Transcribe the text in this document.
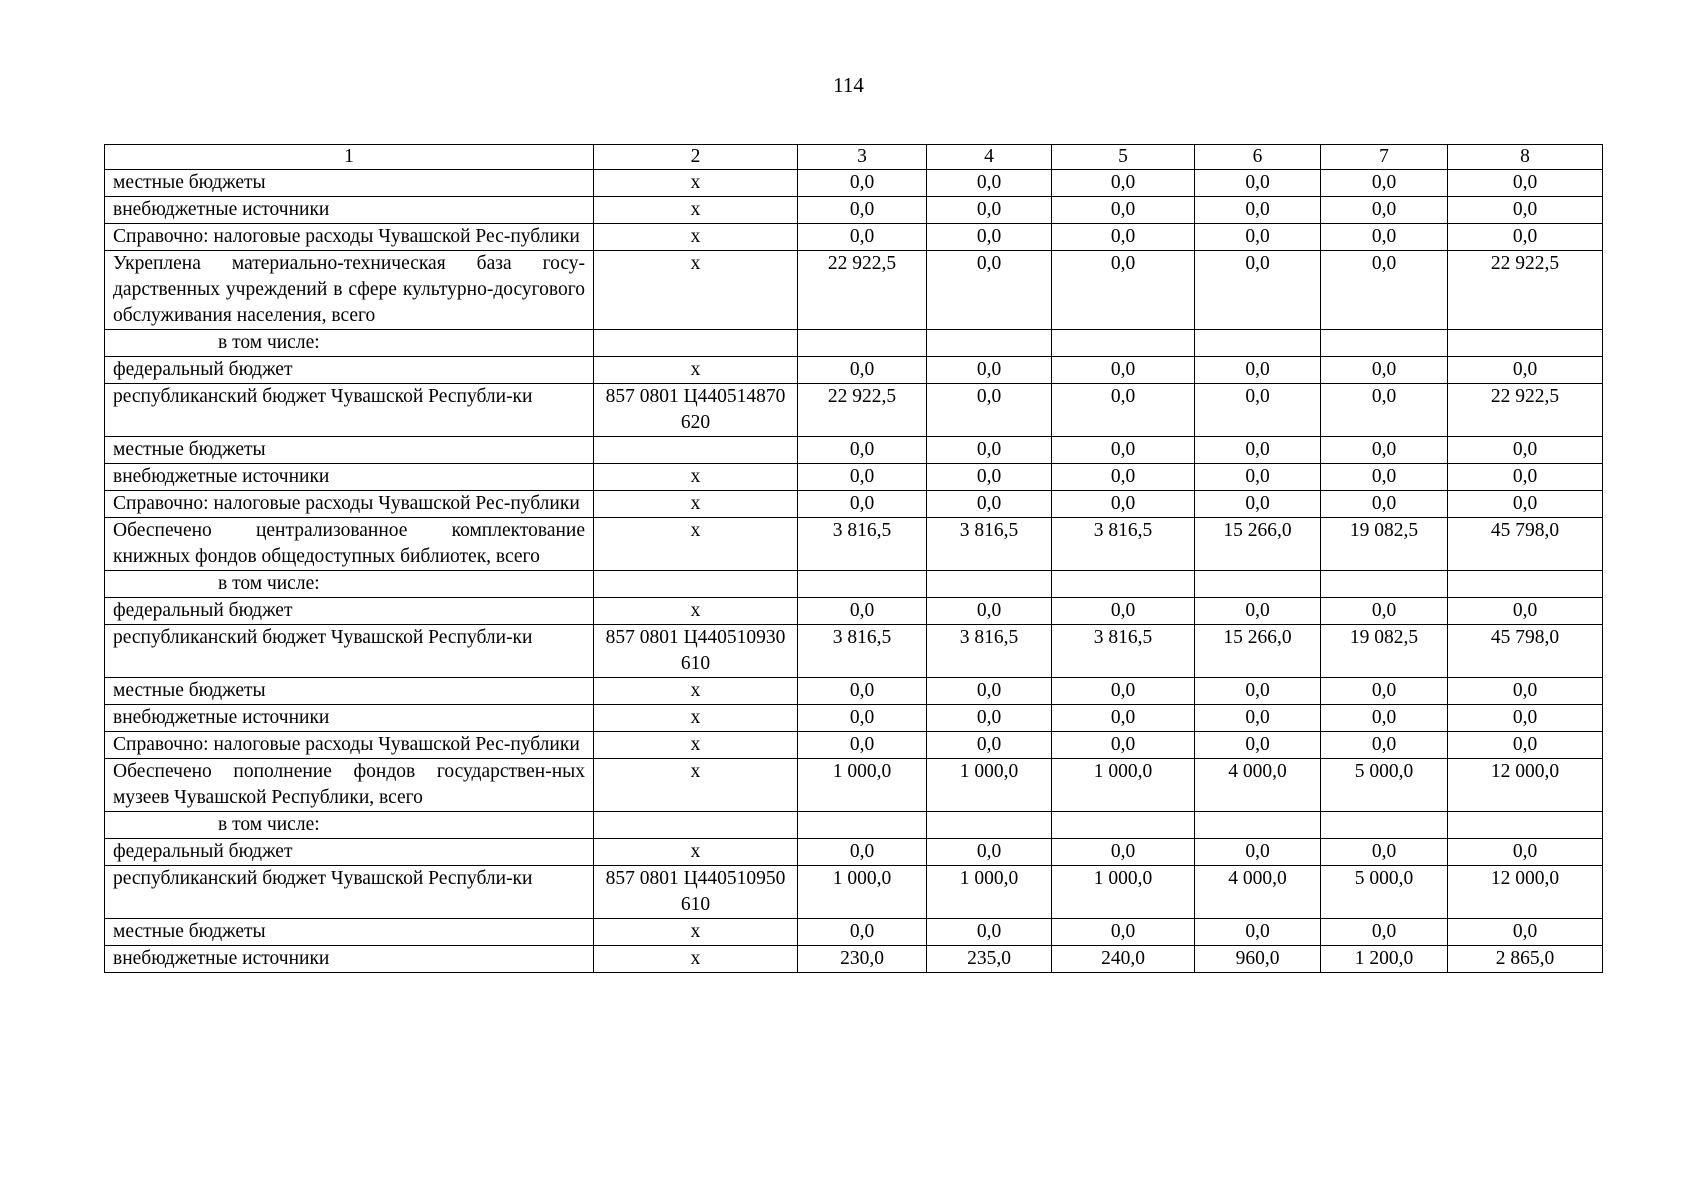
114
1	2	3	4	5	6	7	8
местные бюджеты	х	0,0	0,0	0,0	0,0	0,0	0,0
внебюджетные источники	х	0,0	0,0	0,0	0,0	0,0	0,0
Справочно: налоговые расходы Чувашской Рес-публики	х	0,0	0,0	0,0	0,0	0,0	0,0
Укреплена материально-техническая база госу-дарственных учреждений в сфере культурно-досугового обслуживания населения, всего	х	22 922,5	0,0	0,0	0,0	0,0	22 922,5
в том числе:							
федеральный бюджет	х	0,0	0,0	0,0	0,0	0,0	0,0
республиканский бюджет Чувашской Республи-ки	857 0801 Ц440514870 620	22 922,5	0,0	0,0	0,0	0,0	22 922,5
местные бюджеты		0,0	0,0	0,0	0,0	0,0	0,0
внебюджетные источники	х	0,0	0,0	0,0	0,0	0,0	0,0
Справочно: налоговые расходы Чувашской Рес-публики	х	0,0	0,0	0,0	0,0	0,0	0,0
Обеспечено централизованное комплектование книжных фондов общедоступных библиотек, всего	х	3 816,5	3 816,5	3 816,5	15 266,0	19 082,5	45 798,0
в том числе:							
федеральный бюджет	х	0,0	0,0	0,0	0,0	0,0	0,0
республиканский бюджет Чувашской Республи-ки	857 0801 Ц440510930 610	3 816,5	3 816,5	3 816,5	15 266,0	19 082,5	45 798,0
местные бюджеты	х	0,0	0,0	0,0	0,0	0,0	0,0
внебюджетные источники	х	0,0	0,0	0,0	0,0	0,0	0,0
Справочно: налоговые расходы Чувашской Рес-публики	х	0,0	0,0	0,0	0,0	0,0	0,0
Обеспечено пополнение фондов государствен-ных музеев Чувашской Республики, всего	х	1 000,0	1 000,0	1 000,0	4 000,0	5 000,0	12 000,0
в том числе:							
федеральный бюджет	х	0,0	0,0	0,0	0,0	0,0	0,0
республиканский бюджет Чувашской Республи-ки	857 0801 Ц440510950 610	1 000,0	1 000,0	1 000,0	4 000,0	5 000,0	12 000,0
местные бюджеты	х	0,0	0,0	0,0	0,0	0,0	0,0
внебюджетные источники	х	230,0	235,0	240,0	960,0	1 200,0	2 865,0
